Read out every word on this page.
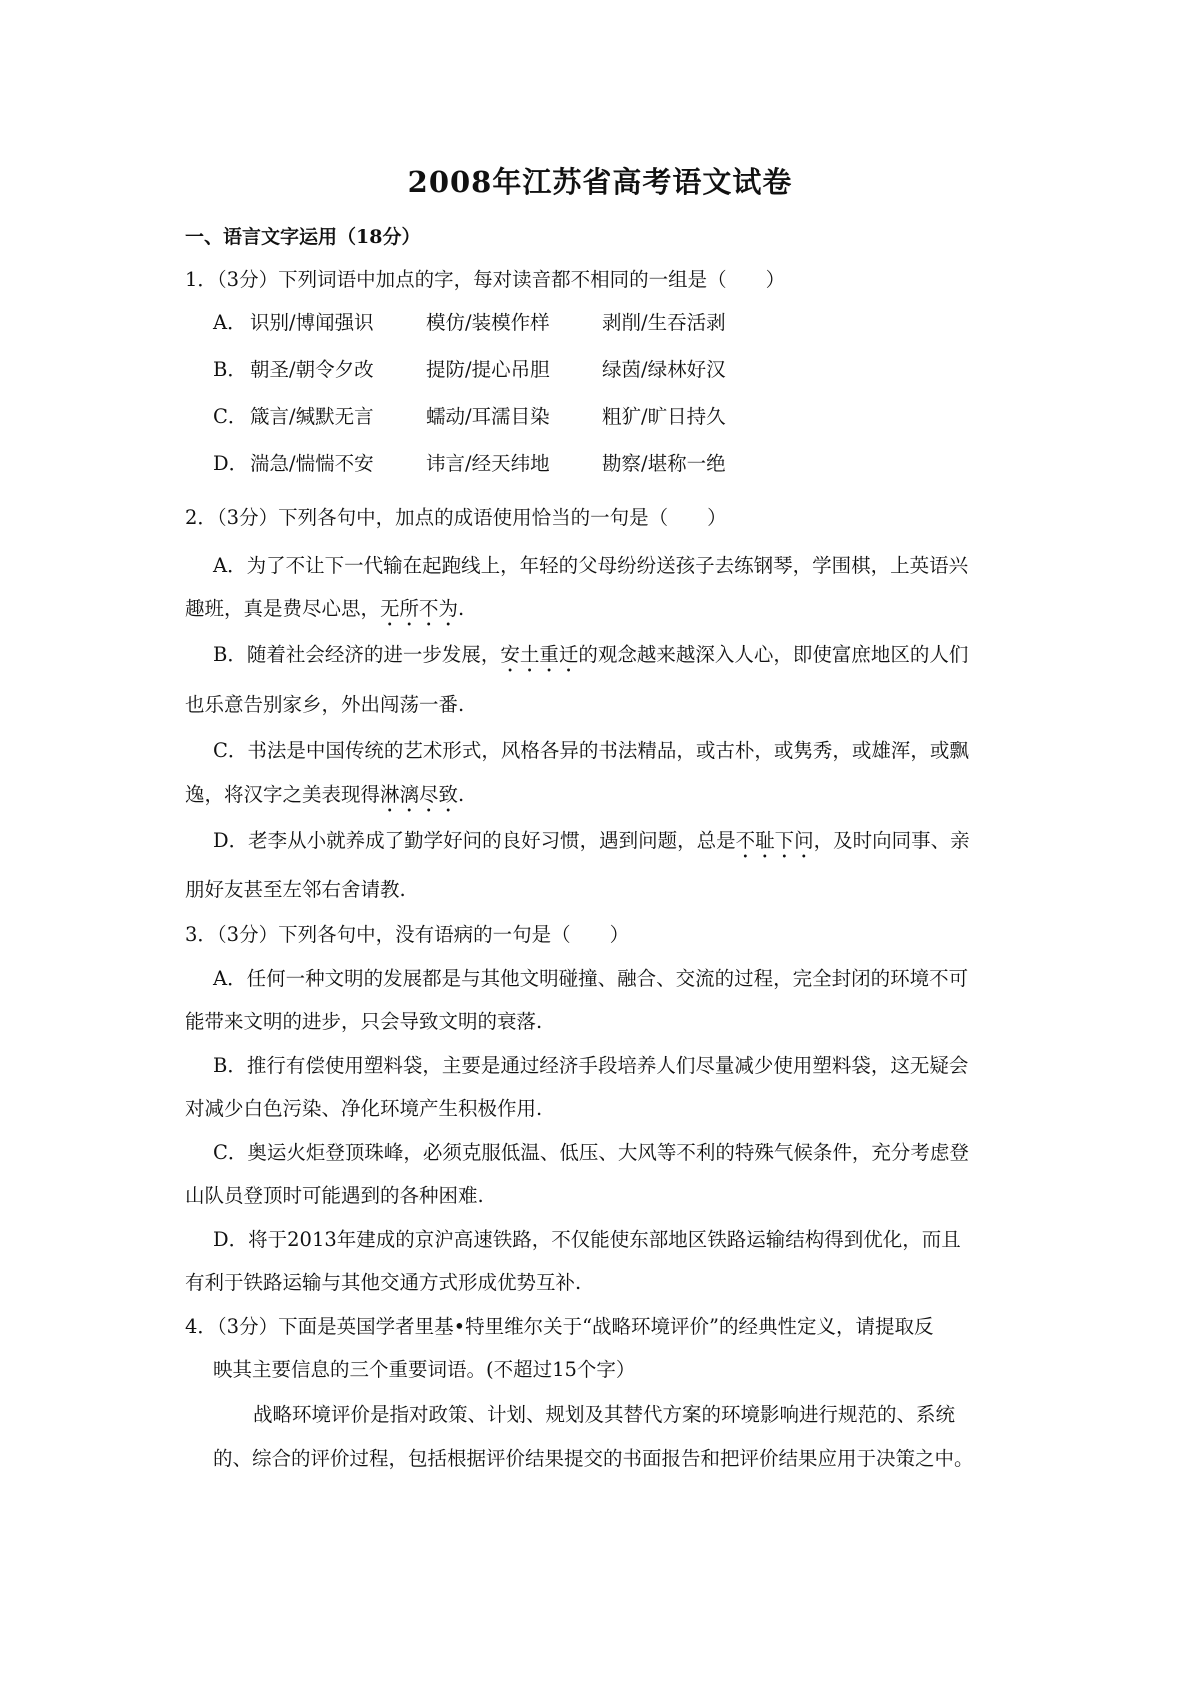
2008年江苏省高考语文试卷
一、语言文字运用（18分）
1．（3分）下列词语中加点的字，每对读音都不相同的一组是（　　）
A． 识别/博闻强识	模仿/装模作样	剥削/生吞活剥
B． 朝圣/朝令夕改	提防/提心吊胆	绿茵/绿林好汉
C． 箴言/缄默无言	蠕动/耳濡目染	粗犷/旷日持久
D． 湍急/惴惴不安	讳言/经天纬地	勘察/堪称一绝
2．（3分）下列各句中，加点的成语使用恰当的一句是（　　）
A．为了不让下一代输在起跑线上，年轻的父母纷纷送孩子去练钢琴，学围棋，上英语兴
趣班，真是费尽心思，无所不为.
B．随着社会经济的进一步发展，安土重迁的观念越来越深入人心，即使富庶地区的人们
也乐意告别家乡，外出闯荡一番.
C．书法是中国传统的艺术形式，风格各异的书法精品，或古朴，或隽秀，或雄浑，或飘
逸，将汉字之美表现得淋漓尽致.
D．老李从小就养成了勤学好问的良好习惯，遇到问题，总是不耻下问，及时向同事、亲
朋好友甚至左邻右舍请教.
3．（3分）下列各句中，没有语病的一句是（　　）
A．任何一种文明的发展都是与其他文明碰撞、融合、交流的过程，完全封闭的环境不可
能带来文明的进步，只会导致文明的衰落.
B．推行有偿使用塑料袋，主要是通过经济手段培养人们尽量减少使用塑料袋，这无疑会
对减少白色污染、净化环境产生积极作用.
C．奥运火炬登顶珠峰，必须克服低温、低压、大风等不利的特殊气候条件，充分考虑登
山队员登顶时可能遇到的各种困难.
D．将于2013年建成的京沪高速铁路，不仅能使东部地区铁路运输结构得到优化，而且
有利于铁路运输与其他交通方式形成优势互补.
4．（3分）下面是英国学者里基•特里维尔关于“战略环境评价”的经典性定义，请提取反
映其主要信息的三个重要词语。(不超过15个字）
战略环境评价是指对政策、计划、规划及其替代方案的环境影响进行规范的、系统
的、综合的评价过程，包括根据评价结果提交的书面报告和把评价结果应用于决策之中。
